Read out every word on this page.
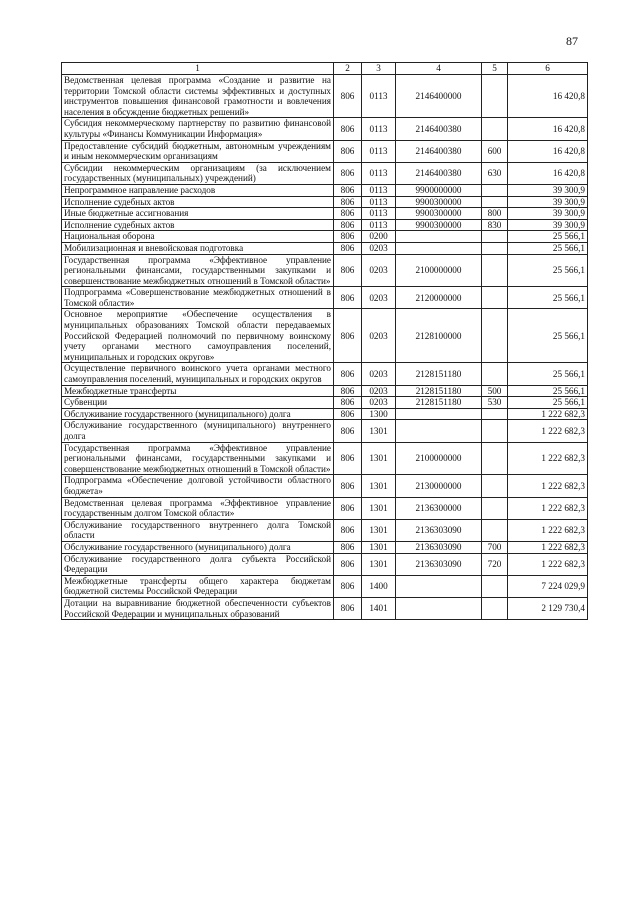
87
1	2	3	4	5	6
Ведомственная целевая программа «Создание и развитие на территории Томской области системы эффективных и доступных инструментов повышения финансовой грамотности и вовлечения населения в обсуждение бюджетных решений»	806	0113	2146400000		16 420,8
Субсидия некоммерческому партнерству по развитию финансовой культуры «Финансы Коммуникации Информация»	806	0113	2146400380		16 420,8
Предоставление субсидий бюджетным, автономным учреждениям и иным некоммерческим организациям	806	0113	2146400380	600	16 420,8
Субсидии некоммерческим организациям (за исключением государственных (муниципальных) учреждений)	806	0113	2146400380	630	16 420,8
Непрограммное направление расходов	806	0113	9900000000		39 300,9
Исполнение судебных актов	806	0113	9900300000		39 300,9
Иные бюджетные ассигнования	806	0113	9900300000	800	39 300,9
Исполнение судебных актов	806	0113	9900300000	830	39 300,9
Национальная оборона	806	0200			25 566,1
Мобилизационная и вневойсковая подготовка	806	0203			25 566,1
Государственная программа «Эффективное управление региональными финансами, государственными закупками и совершенствование межбюджетных отношений в Томской области»	806	0203	2100000000		25 566,1
Подпрограмма «Совершенствование межбюджетных отношений в Томской области»	806	0203	2120000000		25 566,1
Основное мероприятие «Обеспечение осуществления в муниципальных образованиях Томской области передаваемых Российской Федерацией полномочий по первичному воинскому учету органами местного самоуправления поселений, муниципальных и городских округов»	806	0203	2128100000		25 566,1
Осуществление первичного воинского учета органами местного самоуправления поселений, муниципальных и городских округов	806	0203	2128151180		25 566,1
Межбюджетные трансферты	806	0203	2128151180	500	25 566,1
Субвенции	806	0203	2128151180	530	25 566,1
Обслуживание государственного (муниципального) долга	806	1300			1 222 682,3
Обслуживание государственного (муниципального) внутреннего долга	806	1301			1 222 682,3
Государственная программа «Эффективное управление региональными финансами, государственными закупками и совершенствование межбюджетных отношений в Томской области»	806	1301	2100000000		1 222 682,3
Подпрограмма «Обеспечение долговой устойчивости областного бюджета»	806	1301	2130000000		1 222 682,3
Ведомственная целевая программа «Эффективное управление государственным долгом Томской области»	806	1301	2136300000		1 222 682,3
Обслуживание государственного внутреннего долга Томской области	806	1301	2136303090		1 222 682,3
Обслуживание государственного (муниципального) долга	806	1301	2136303090	700	1 222 682,3
Обслуживание государственного долга субъекта Российской Федерации	806	1301	2136303090	720	1 222 682,3
Межбюджетные трансферты общего характера бюджетам бюджетной системы Российской Федерации	806	1400			7 224 029,9
Дотации на выравнивание бюджетной обеспеченности субъектов Российской Федерации и муниципальных образований	806	1401			2 129 730,4
